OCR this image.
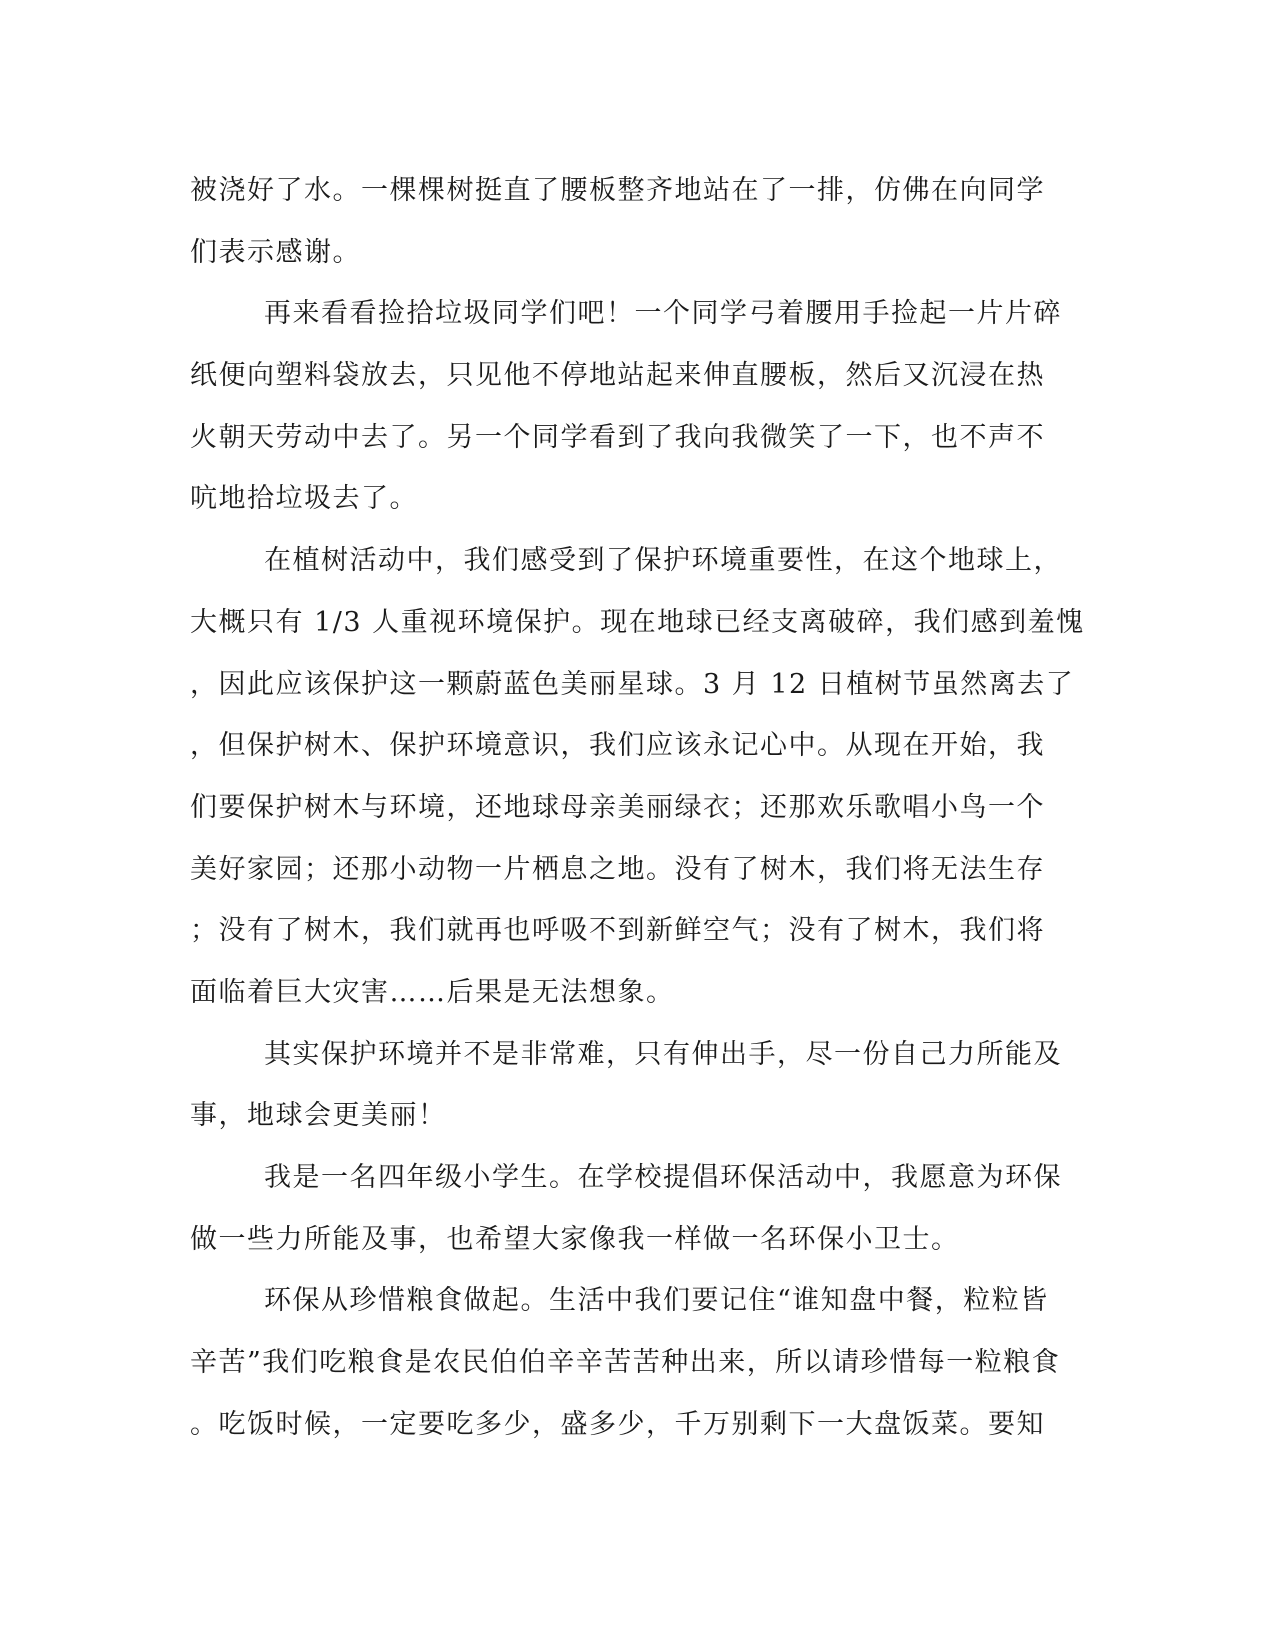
被浇好了水。一棵棵树挺直了腰板整齐地站在了一排，仿佛在向同学
们表示感谢。
再来看看捡拾垃圾同学们吧！一个同学弓着腰用手捡起一片片碎
纸便向塑料袋放去，只见他不停地站起来伸直腰板，然后又沉浸在热
火朝天劳动中去了。另一个同学看到了我向我微笑了一下，也不声不
吭地拾垃圾去了。
在植树活动中，我们感受到了保护环境重要性，在这个地球上，
大概只有 1/3 人重视环境保护。现在地球已经支离破碎，我们感到羞愧
，因此应该保护这一颗蔚蓝色美丽星球。3 月 12 日植树节虽然离去了
，但保护树木、保护环境意识，我们应该永记心中。从现在开始，我
们要保护树木与环境，还地球母亲美丽绿衣；还那欢乐歌唱小鸟一个
美好家园；还那小动物一片栖息之地。没有了树木，我们将无法生存
；没有了树木，我们就再也呼吸不到新鲜空气；没有了树木，我们将
面临着巨大灾害……后果是无法想象。
其实保护环境并不是非常难，只有伸出手，尽一份自己力所能及
事，地球会更美丽！
我是一名四年级小学生。在学校提倡环保活动中，我愿意为环保
做一些力所能及事，也希望大家像我一样做一名环保小卫士。
环保从珍惜粮食做起。生活中我们要记住“谁知盘中餐，粒粒皆
辛苦”我们吃粮食是农民伯伯辛辛苦苦种出来，所以请珍惜每一粒粮食
。吃饭时候，一定要吃多少，盛多少，千万别剩下一大盘饭菜。要知
